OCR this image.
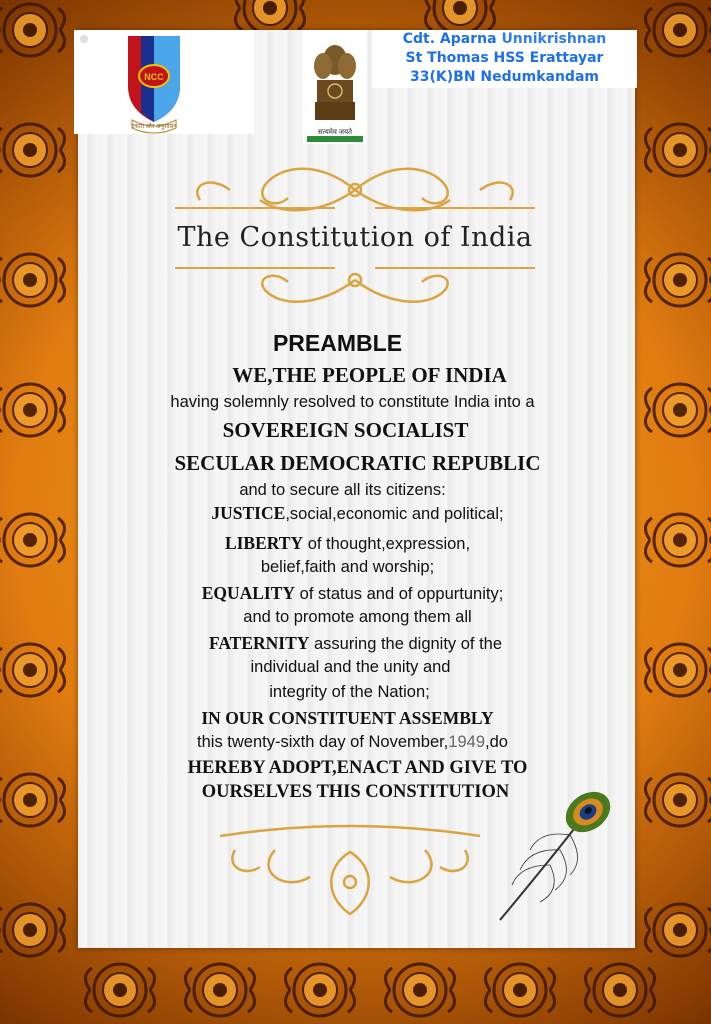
NCC
एकता और अनुशासन
सत्यमेव जयते
Cdt. Aparna Unnikrishnan
St Thomas HSS Erattayar
33(K)BN Nedumkandam
The Constitution of India
PREAMBLE
WE,THE PEOPLE OF INDIA
having solemnly resolved to constitute India into a
SOVEREIGN SOCIALIST
SECULAR DEMOCRATIC REPUBLIC
and to secure all its citizens:
JUSTICE,social,economic and political;
LIBERTY of thought,expression,
belief,faith and worship;
EQUALITY of status and of oppurtunity;
and to promote among them all
FATERNITY assuring the dignity of the
individual and the unity and
integrity of the Nation;
IN OUR CONSTITUENT ASSEMBLY
this twenty-sixth day of November,1949,do
HEREBY ADOPT,ENACT AND GIVE TO
OURSELVES THIS CONSTITUTION
